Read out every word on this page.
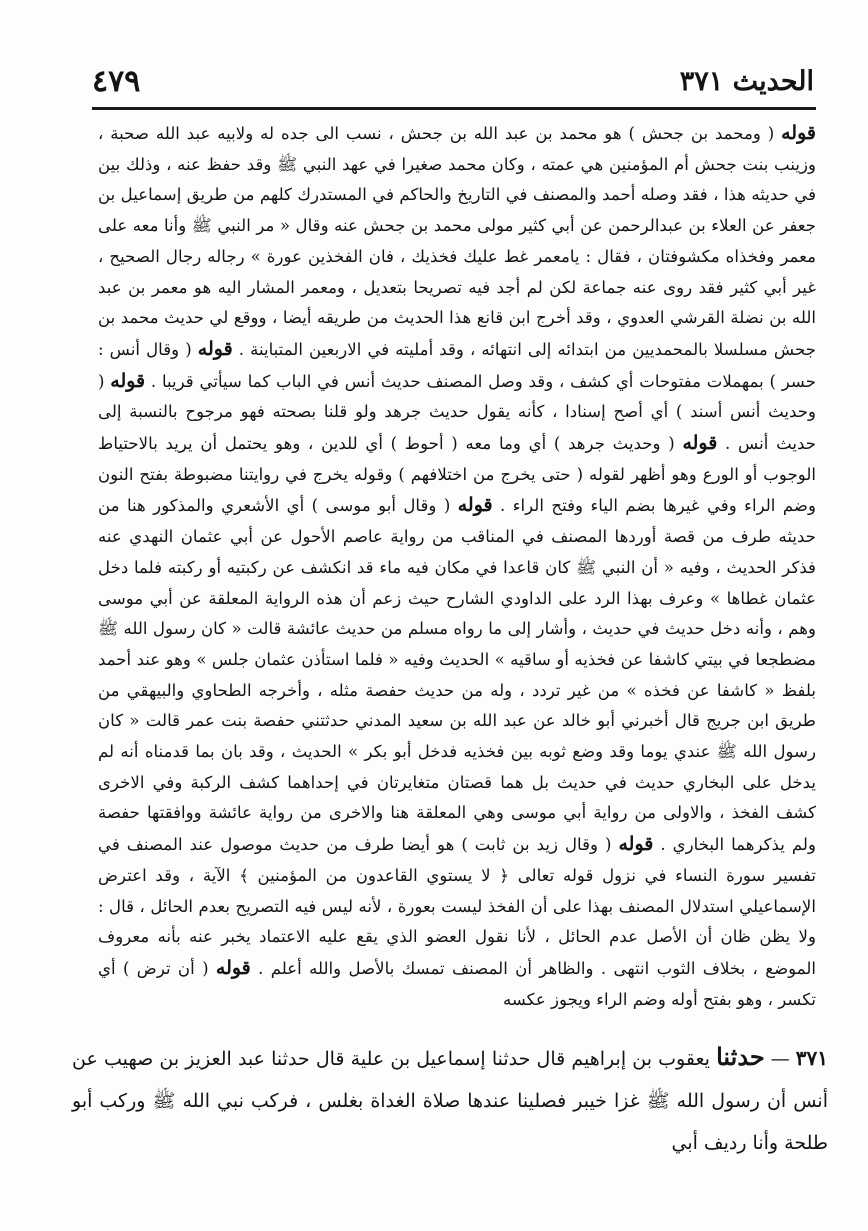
الحديث ٣٧١
٤٧٩

قوله ( ومحمد بن جحش ) هو محمد بن عبد الله بن جحش ، نسب الى جده له ولابيه عبد الله صحبة ، وزينب بنت جحش أم المؤمنين هي عمته ، وكان محمد صغيرا في عهد النبي ﷺ وقد حفظ عنه ، وذلك بين في حديثه هذا ، فقد وصله أحمد والمصنف في التاريخ والحاكم في المستدرك كلهم من طريق إسماعيل بن جعفر عن العلاء بن عبدالرحمن عن أبي كثير مولى محمد بن جحش عنه وقال « مر النبي ﷺ وأنا معه على معمر وفخذاه مكشوفتان ، فقال : يامعمر غط عليك فخذيك ، فان الفخذين عورة » رجاله رجال الصحيح ، غير أبي كثير فقد روى عنه جماعة لكن لم أجد فيه تصريحا بتعديل ، ومعمر المشار اليه هو معمر بن عبد الله بن نضلة القرشي العدوي ، وقد أخرج ابن قانع هذا الحديث من طريقه أيضا ، ووقع لي حديث محمد بن جحش مسلسلا بالمحمديين من ابتدائه إلى انتهائه ، وقد أمليته في الاربعين المتباينة . قوله ( وقال أنس : حسر ) بمهملات مفتوحات أي كشف ، وقد وصل المصنف حديث أنس في الباب كما سيأتي قريبا . قوله ( وحديث أنس أسند ) أي أصح إسنادا ، كأنه يقول حديث جرهد ولو قلنا بصحته فهو مرجوح بالنسبة إلى حديث أنس . قوله ( وحديث جرهد ) أي وما معه ( أحوط ) أي للدين ، وهو يحتمل أن يريد بالاحتياط الوجوب أو الورع وهو أظهر لقوله ( حتى يخرج من اختلافهم ) وقوله يخرج في روايتنا مضبوطة بفتح النون وضم الراء وفي غيرها بضم الياء وفتح الراء . قوله ( وقال أبو موسى ) أي الأشعري والمذكور هنا من حديثه طرف من قصة أوردها المصنف في المناقب من رواية عاصم الأحول عن أبي عثمان النهدي عنه فذكر الحديث ، وفيه « أن النبي ﷺ كان قاعدا في مكان فيه ماء قد انكشف عن ركبتيه أو ركبته فلما دخل عثمان غطاها » وعرف بهذا الرد على الداودي الشارح حيث زعم أن هذه الرواية المعلقة عن أبي موسى وهم ، وأنه دخل حديث في حديث ، وأشار إلى ما رواه مسلم من حديث عائشة قالت « كان رسول الله ﷺ مضطجعا في بيتي كاشفا عن فخذيه أو ساقيه » الحديث وفيه « فلما استأذن عثمان جلس » وهو عند أحمد بلفظ « كاشفا عن فخذه » من غير تردد ، وله من حديث حفصة مثله ، وأخرجه الطحاوي والبيهقي من طريق ابن جريج قال أخبرني أبو خالد عن عبد الله بن سعيد المدني حدثتني حفصة بنت عمر قالت « كان رسول الله ﷺ عندي يوما وقد وضع ثوبه بين فخذيه فدخل أبو بكر » الحديث ، وقد بان بما قدمناه أنه لم يدخل على البخاري حديث في حديث بل هما قصتان متغايرتان في إحداهما كشف الركبة وفي الاخرى كشف الفخذ ، والاولى من رواية أبي موسى وهي المعلقة هنا والاخرى من رواية عائشة ووافقتها حفصة ولم يذكرهما البخاري . قوله ( وقال زيد بن ثابت ) هو أيضا طرف من حديث موصول عند المصنف في تفسير سورة النساء في نزول قوله تعالى ﴿ لا يستوي القاعدون من المؤمنين ﴾ الآية ، وقد اعترض الإسماعيلي استدلال المصنف بهذا على أن الفخذ ليست بعورة ، لأنه ليس فيه التصريح بعدم الحائل ، قال : ولا يظن ظان أن الأصل عدم الحائل ، لأنا نقول العضو الذي يقع عليه الاعتماد يخبر عنه بأنه معروف الموضع ، بخلاف الثوب انتهى . والظاهر أن المصنف تمسك بالأصل والله أعلم . قوله ( أن ترض ) أي تكسر ، وهو بفتح أوله وضم الراء ويجوز عكسه

٣٧١—حدثنا يعقوب بن إبراهيم قال حدثنا إسماعيل بن علية قال حدثنا عبد العزيز بن صهيب عن أنس أن رسول الله ﷺ غزا خيبر فصلينا عندها صلاة الغداة بغلس ، فركب نبي الله ﷺ وركب أبو طلحة وأنا رديف أبي
